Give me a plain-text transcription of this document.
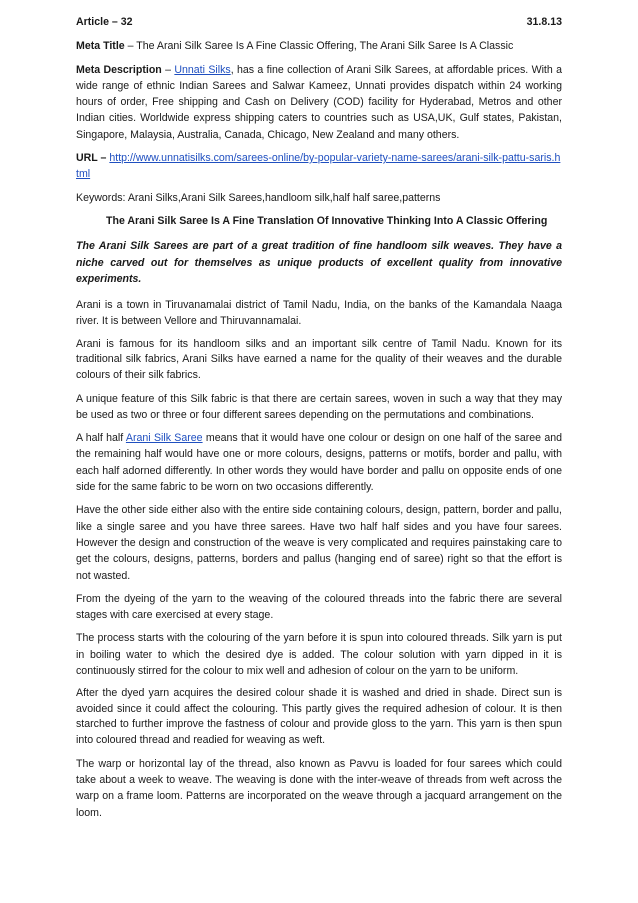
Article – 32	31.8.13

Meta Title – The Arani Silk Saree Is A Fine Classic Offering, The Arani Silk Saree Is A Classic

Meta Description – Unnati Silks, has a fine collection of Arani Silk Sarees, at affordable prices. With a wide range of ethnic Indian Sarees and Salwar Kameez, Unnati provides dispatch within 24 working hours of order, Free shipping and Cash on Delivery (COD) facility for Hyderabad, Metros and other Indian cities. Worldwide express shipping caters to countries such as USA,UK, Gulf states, Pakistan, Singapore, Malaysia, Australia, Canada, Chicago, New Zealand and many others.

URL – http://www.unnatisilks.com/sarees-online/by-popular-variety-name-sarees/arani-silk-pattu-saris.html

Keywords: Arani Silks,Arani Silk Sarees,handloom silk,half half saree,patterns

The Arani Silk Saree Is A Fine Translation Of Innovative Thinking Into A Classic Offering

The Arani Silk Sarees are part of a great tradition of fine handloom silk weaves. They have a niche carved out for themselves as unique products of excellent quality from innovative experiments.

Arani is a town in Tiruvanamalai district of Tamil Nadu, India, on the banks of the Kamandala Naaga river. It is between Vellore and Thiruvannamalai.

Arani is famous for its handloom silks and an important silk centre of Tamil Nadu. Known for its traditional silk fabrics, Arani Silks have earned a name for the quality of their weaves and the durable colours of their silk fabrics.

A unique feature of this Silk fabric is that there are certain sarees, woven in such a way that they may be used as two or three or four different sarees depending on the permutations and combinations.

A half half Arani Silk Saree means that it would have one colour or design on one half of the saree and the remaining half would have one or more colours, designs, patterns or motifs, border and pallu, with each half adorned differently. In other words they would have border and pallu on opposite ends of one side for the same fabric to be worn on two occasions differently.

Have the other side either also with the entire side containing colours, design, pattern, border and pallu, like a single saree and you have three sarees. Have two half half sides and you have four sarees. However the design and construction of the weave is very complicated and requires painstaking care to get the colours, designs, patterns, borders and pallus (hanging end of saree) right so that the effort is not wasted.

From the dyeing of the yarn to the weaving of the coloured threads into the fabric there are several stages with care exercised at every stage.

The process starts with the colouring of the yarn before it is spun into coloured threads. Silk yarn is put in boiling water to which the desired dye is added. The colour solution with yarn dipped in it is continuously stirred for the colour to mix well and adhesion of colour on the yarn to be uniform.

After the dyed yarn acquires the desired colour shade it is washed and dried in shade. Direct sun is avoided since it could affect the colouring. This partly gives the required adhesion of colour. It is then starched to further improve the fastness of colour and provide gloss to the yarn. This yarn is then spun into coloured thread and readied for weaving as weft.

The warp or horizontal lay of the thread, also known as Pavvu is loaded for four sarees which could take about a week to weave. The weaving is done with the inter-weave of threads from weft across the warp on a frame loom. Patterns are incorporated on the weave through a jacquard arrangement on the loom.
